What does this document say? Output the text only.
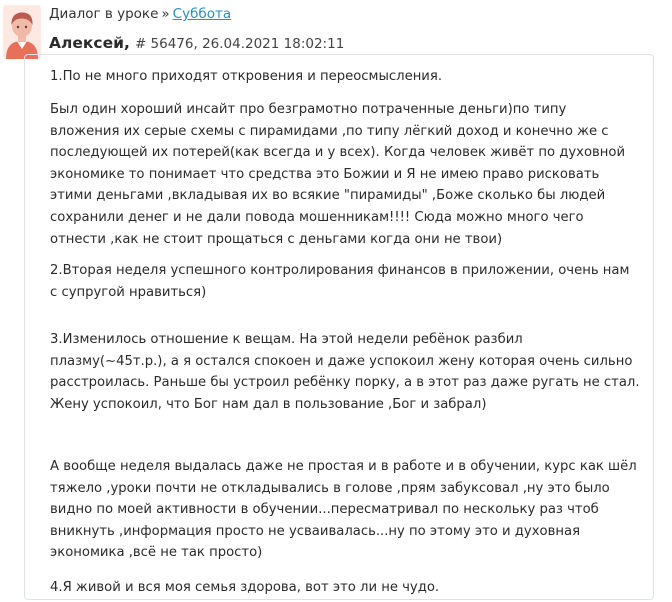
Диалог в уроке » Суббота
Алексей, # 56476, 26.04.2021 18:02:11

1.По не много приходят откровения и переосмысления.

Был один хороший инсайт про безграмотно потраченные деньги)по типу
вложения их серые схемы с пирамидами ,по типу лёгкий доход и конечно же с
последующей их потерей(как всегда и у всех). Когда человек живёт по духовной
экономике то понимает что средства это Божии и Я не имею право рисковать
этими деньгами ,вкладывая их во всякие "пирамиды" ,Боже сколько бы людей
сохранили денег и не дали повода мошенникам!!!! Сюда можно много чего
отнести ,как не стоит прощаться с деньгами когда они не твои)

2.Вторая неделя успешного контролирования финансов в приложении, очень нам
с супругой нравиться)

3.Изменилось отношение к вещам. На этой недели ребёнок разбил
плазму(~45т.р.), а я остался спокоен и даже успокоил жену которая очень сильно
расстроилась. Раньше бы устроил ребёнку порку, а в этот раз даже ругать не стал.
Жену успокоил, что Бог нам дал в пользование ,Бог и забрал)

А вообще неделя выдалась даже не простая и в работе и в обучении, курс как шёл
тяжело ,уроки почти не откладывались в голове ,прям забуксовал ,ну это было
видно по моей активности в обучении...пересматривал по нескольку раз чтоб
вникнуть ,информация просто не усваивалась...ну по этому это и духовная
экономика ,всё не так просто)

4.Я живой и вся моя семья здорова, вот это ли не чудо.
